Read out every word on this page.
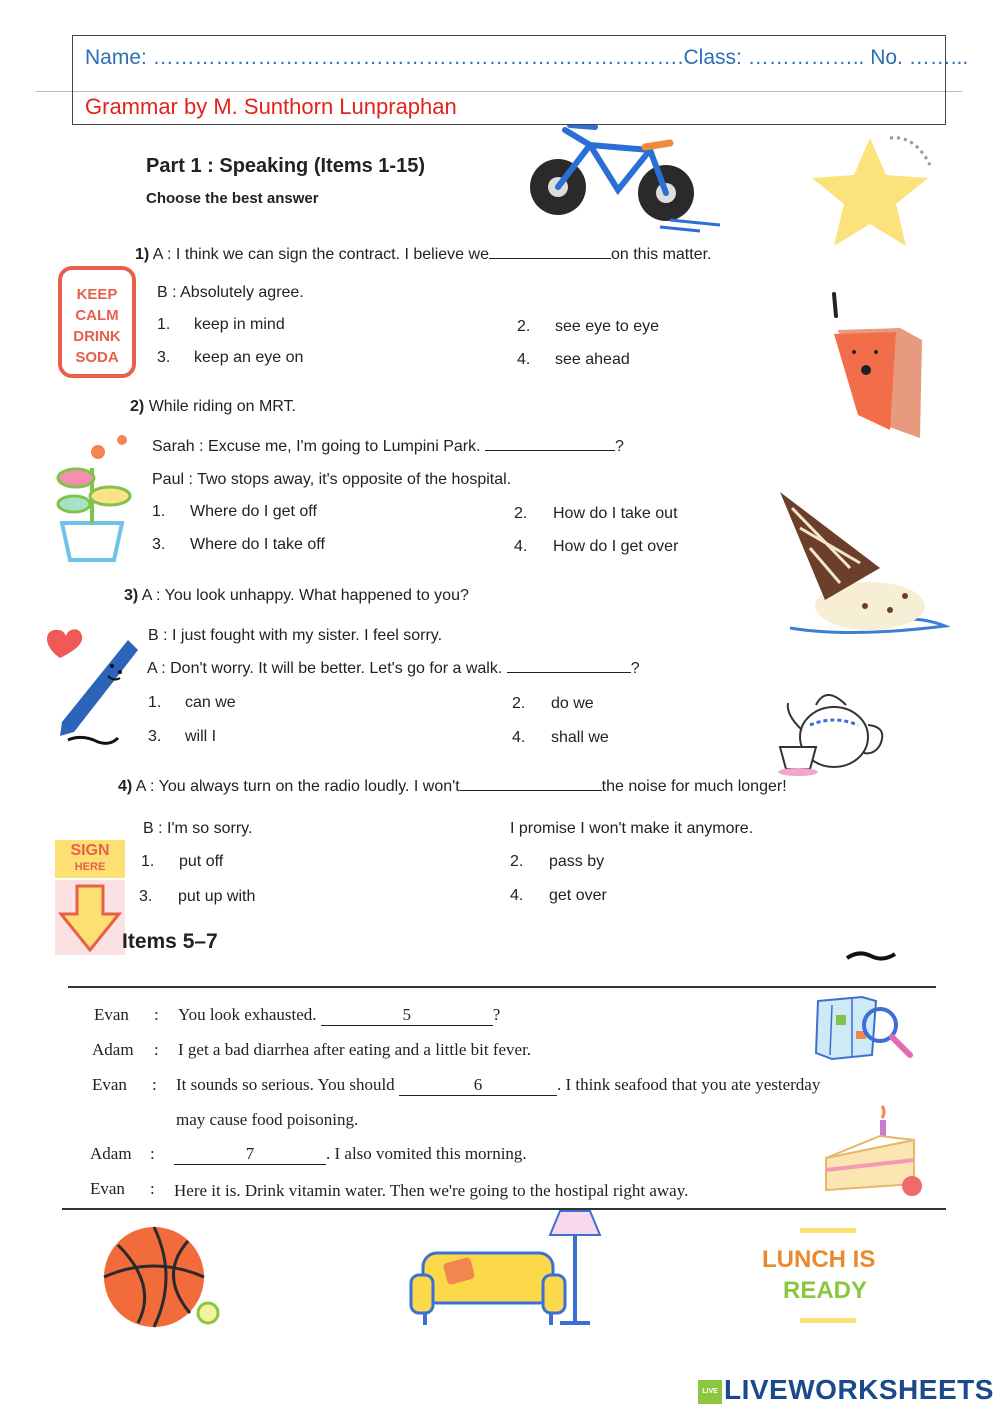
Name: ………………………………………………………………….Class: …………….. No. ……...
Grammar by M. Sunthorn Lunpraphan
Part 1 : Speaking (Items 1-15)
Choose the best answer
1) A : I think we can sign the contract. I believe we	on this matter.
B : Absolutely agree.
1. keep in mind	2. see eye to eye
3. keep an eye on	4. see ahead
KEEP
CALM
DRINK
SODA
2) While riding on MRT.
Sarah : Excuse me, I'm going to Lumpini Park.	?
Paul : Two stops away, it's opposite of the hospital.
1. Where do I get off	2. How do I take out
3. Where do I take off	4. How do I get over
3) A : You look unhappy. What happened to you?
B : I just fought with my sister. I feel sorry.
A : Don't worry. It will be better. Let's go for a walk.	?
1. can we	2. do we
3. will I	4. shall we
4) A : You always turn on the radio loudly. I won't	the noise for much longer!
B : I'm so sorry.	I promise I won't make it anymore.
1. put off	2. pass by
3. put up with	4. get over
SIGN
HERE
Items 5–7
Evan : You look exhausted.	5	?
Adam : I get a bad diarrhea after eating and a little bit fever.
Evan : It sounds so serious. You should	6	. I think seafood that you ate yesterday
may cause food poisoning.
Adam :	7	. I also vomited this morning.
Evan : Here it is. Drink vitamin water. Then we're going to the hostipal right away.
LUNCH IS
READY
LIVE LIVEWORKSHEETS
